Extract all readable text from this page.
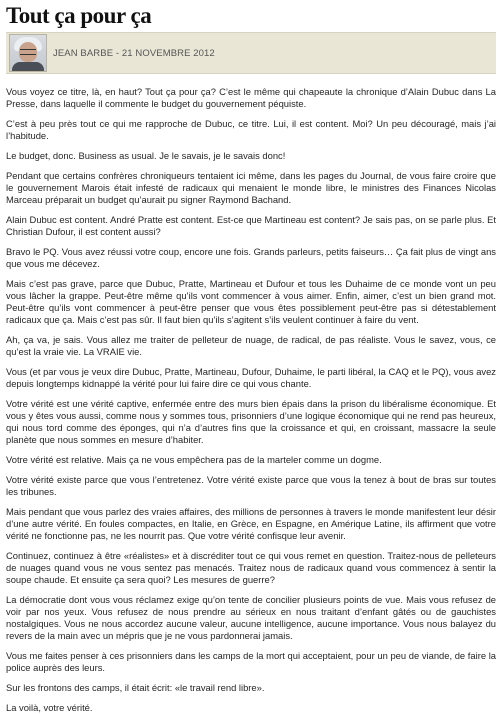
Tout ça pour ça
JEAN BARBE - 21 NOVEMBRE 2012

Vous voyez ce titre, là, en haut? Tout ça pour ça? C’est le même qui chapeaute la chronique d’Alain Dubuc dans La Presse, dans laquelle il commente le budget du gouvernement péquiste.

C’est à peu près tout ce qui me rapproche de Dubuc, ce titre. Lui, il est content. Moi? Un peu découragé, mais j’ai l’habitude.

Le budget, donc. Business as usual. Je le savais, je le savais donc!

Pendant que certains confrères chroniqueurs tentaient ici même, dans les pages du Journal, de vous faire croire que le gouvernement Marois était infesté de radicaux qui menaient le monde libre, le ministres des Finances Nicolas Marceau préparait un budget qu’aurait pu signer Raymond Bachand.

Alain Dubuc est content. André Pratte est content. Est-ce que Martineau est content? Je sais pas, on se parle plus. Et Christian Dufour, il est content aussi?

Bravo le PQ. Vous avez réussi votre coup, encore une fois. Grands parleurs, petits faiseurs… Ça fait plus de vingt ans que vous me décevez.

Mais c’est pas grave, parce que Dubuc, Pratte, Martineau et Dufour et tous les Duhaime de ce monde vont un peu vous lâcher la grappe. Peut-être même qu’ils vont commencer à vous aimer. Enfin, aimer, c’est un bien grand mot. Peut-être qu’ils vont commencer à peut-être penser que vous êtes possiblement peut-être pas si détestablement radicaux que ça. Mais c’est pas sûr. Il faut bien qu’ils s’agitent s’ils veulent continuer à faire du vent.

Ah, ça va, je sais. Vous allez me traiter de pelleteur de nuage, de radical, de pas réaliste. Vous le savez, vous, ce qu’est la vraie vie. La VRAIE vie.

Vous (et par vous je veux dire Dubuc, Pratte, Martineau, Dufour, Duhaime, le parti libéral, la CAQ et le PQ), vous avez depuis longtemps kidnappé la vérité pour lui faire dire ce qui vous chante.

Votre vérité est une vérité captive, enfermée entre des murs bien épais dans la prison du libéralisme économique. Et vous y êtes vous aussi, comme nous y sommes tous, prisonniers d’une logique économique qui ne rend pas heureux, qui nous tord comme des éponges, qui n’a d’autres fins que la croissance et qui, en croissant, massacre la seule planète que nous sommes en mesure d’habiter.

Votre vérité est relative. Mais ça ne vous empêchera pas de la marteler comme un dogme.

Votre vérité existe parce que vous l’entretenez. Votre vérité existe parce que vous la tenez à bout de bras sur toutes les tribunes.

Mais pendant que vous parlez des vraies affaires, des millions de personnes à travers le monde manifestent leur désir d’une autre vérité. En foules compactes, en Italie, en Grèce, en Espagne, en Amérique Latine, ils affirment que votre vérité ne fonctionne pas, ne les nourrit pas. Que votre vérité confisque leur avenir.

Continuez, continuez à être «réalistes» et à discréditer tout ce qui vous remet en question. Traitez-nous de pelleteurs de nuages quand vous ne vous sentez pas menacés. Traitez nous de radicaux quand vous commencez à sentir la soupe chaude. Et ensuite ça sera quoi? Les mesures de guerre?

La démocratie dont vous vous réclamez exige qu’on tente de concilier plusieurs points de vue. Mais vous refusez de voir par nos yeux. Vous refusez de nous prendre au sérieux en nous traitant d’enfant gâtés ou de gauchistes nostalgiques. Vous ne nous accordez aucune valeur, aucune intelligence, aucune importance. Vous nous balayez du revers de la main avec un mépris que je ne vous pardonnerai jamais.

Vous me faites penser à ces prisonniers dans les camps de la mort qui acceptaient, pour un peu de viande, de faire la police auprès des leurs.

Sur les frontons des camps, il était écrit: «le travail rend libre».

La voilà, votre vérité.
